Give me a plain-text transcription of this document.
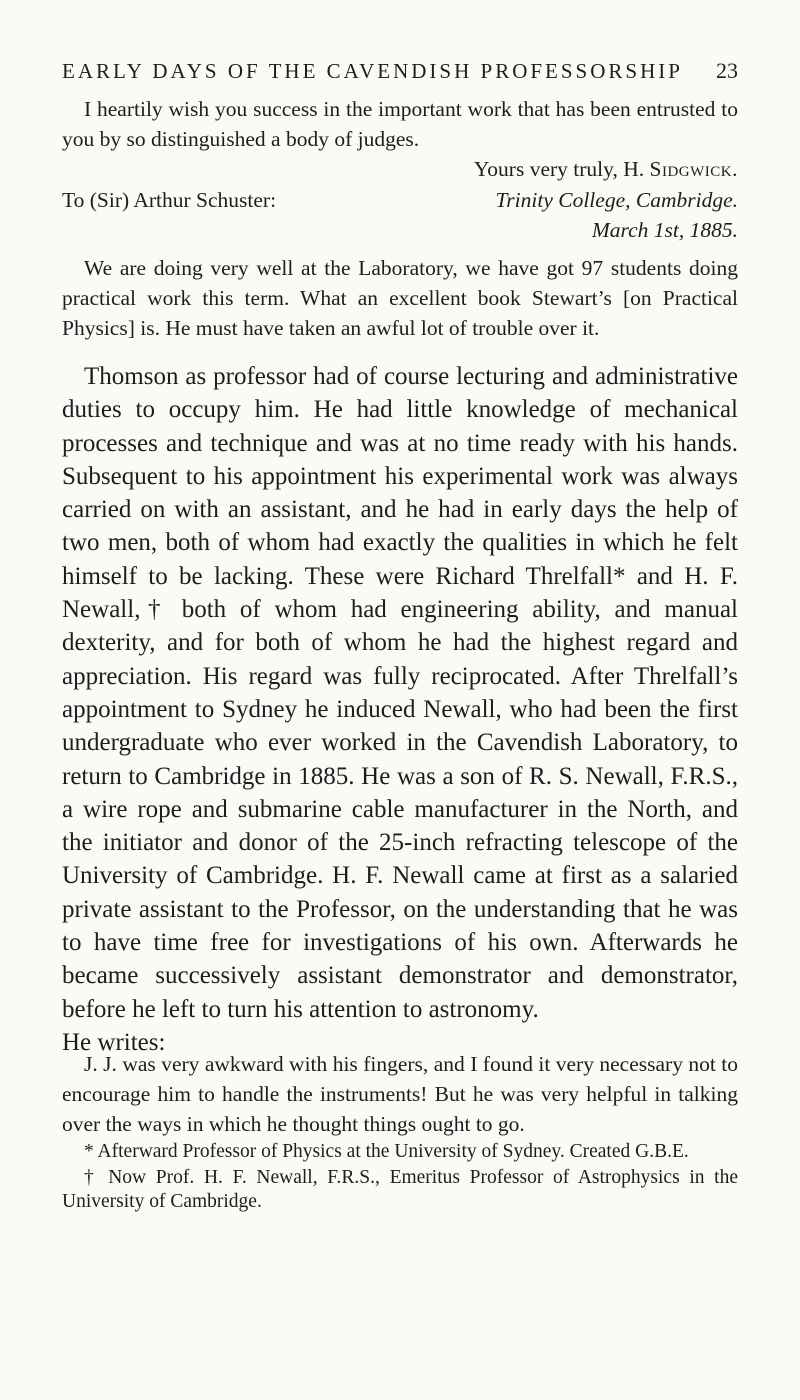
EARLY DAYS OF THE CAVENDISH PROFESSORSHIP 23

I heartily wish you success in the important work that has been entrusted to you by so distinguished a body of judges.

Yours very truly, H. Sidgwick.

To (Sir) Arthur Schuster:	Trinity College, Cambridge.
March 1st, 1885.

We are doing very well at the Laboratory, we have got 97 students doing practical work this term. What an excellent book Stewart’s [on Practical Physics] is. He must have taken an awful lot of trouble over it.

Thomson as professor had of course lecturing and administrative duties to occupy him. He had little knowledge of mechanical processes and technique and was at no time ready with his hands. Subsequent to his appointment his experimental work was always carried on with an assistant, and he had in early days the help of two men, both of whom had exactly the qualities in which he felt himself to be lacking. These were Richard Threlfall* and H. F. Newall,† both of whom had engineering ability, and manual dexterity, and for both of whom he had the highest regard and appreciation. His regard was fully reciprocated. After Threlfall’s appointment to Sydney he induced Newall, who had been the first undergraduate who ever worked in the Cavendish Laboratory, to return to Cambridge in 1885. He was a son of R. S. Newall, F.R.S., a wire rope and submarine cable manufacturer in the North, and the initiator and donor of the 25-inch refracting telescope of the University of Cambridge. H. F. Newall came at first as a salaried private assistant to the Professor, on the understanding that he was to have time free for investigations of his own. Afterwards he became successively assistant demonstrator and demonstrator, before he left to turn his attention to astronomy.

He writes:

J. J. was very awkward with his fingers, and I found it very necessary not to encourage him to handle the instruments! But he was very helpful in talking over the ways in which he thought things ought to go.

* Afterward Professor of Physics at the University of Sydney. Created G.B.E.

† Now Prof. H. F. Newall, F.R.S., Emeritus Professor of Astrophysics in the University of Cambridge.
